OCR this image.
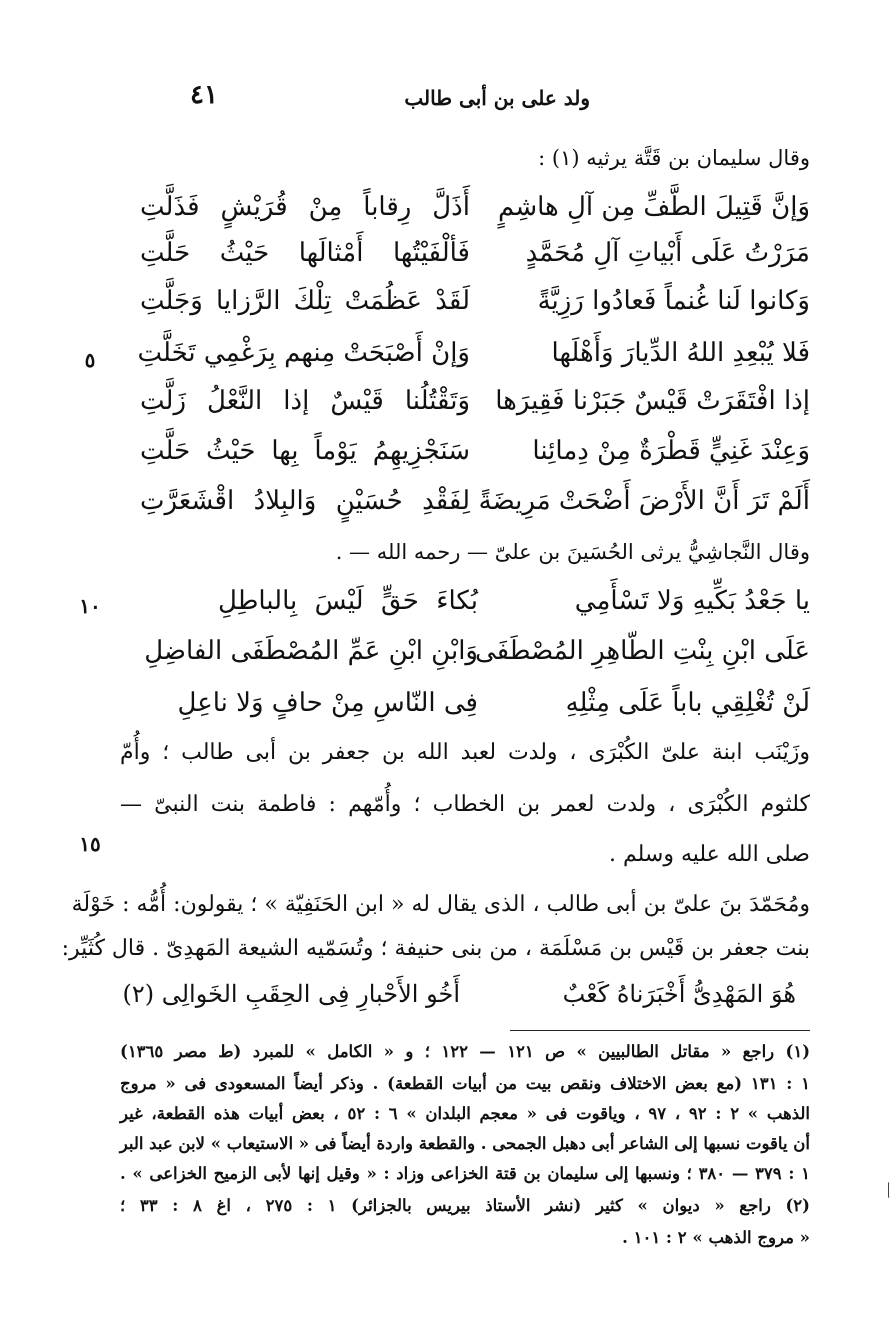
ولد على بن أبى طالب
٤١
وقال سليمان بن قَتَّة يرثيه (١) :
وَإنَّ قَتِيلَ الطَّفِّ مِن آلِ هاشِمٍ
أَذَلَّ رِقاباً مِنْ قُرَيْشٍ فَذَلَّتِ
مَرَرْتُ عَلَى أَبْياتِ آلِ مُحَمَّدٍ
فَألْفَيْتُها أَمْثالَها حَيْثُ حَلَّتِ
وَكانوا لَنا غُنماً فَعادُوا رَزِيَّةً
لَقَدْ عَظُمَتْ تِلْكَ الرَّزايا وَجَلَّتِ
فَلا يُبْعِدِ اللهُ الدِّيارَ وَأَهْلَها
وَإنْ أَصْبَحَتْ مِنهم بِرَغْمِي تَخَلَّتِ
٥
إذا افْتَقَرَتْ قَيْسٌ جَبَرْنا فَقِيرَها
وَتَقْتُلُنا قَيْسٌ إذا النَّعْلُ زَلَّتِ
وَعِنْدَ غَنِيٍّ قَطْرَةٌ مِنْ دِمائِنا
سَنَجْزِيهِمُ يَوْماً بِها حَيْثُ حَلَّتِ
أَلَمْ تَرَ أَنَّ الأَرْضَ أَضْحَتْ مَرِيضَةً
لِفَقْدِ حُسَيْنٍ وَالبِلادُ اقْشَعَرَّتِ
وقال النَّجاشِيُّ يرثى الحُسَينَ بن علىّ — رحمه الله — .
يا جَعْدُ بَكِّيهِ وَلا تَسْأَمِي
بُكاءَ حَقٍّ لَيْسَ بِالباطِلِ
١٠
عَلَى ابْنِ بِنْتِ الطّاهِرِ المُصْطَفَى
وَابْنِ ابْنِ عَمِّ المُصْطَفَى الفاضِلِ
لَنْ تُغْلِقِي باباً عَلَى مِثْلِهِ
فِى النّاسِ مِنْ حافٍ وَلا ناعِلِ
وزَيْنَب ابنة علىّ الكُبْرَى ، ولدت لعبد الله بن جعفر بن أبى طالب ؛ وأُمّ
كلثوم الكُبْرَى ، ولدت لعمر بن الخطاب ؛ وأُمّهم : فاطمة بنت النبىّ —
١٥	صلى الله عليه وسلم .
ومُحَمّدَ بنَ علىّ بن أبى طالب ، الذى يقال له « ابن الحَنَفِيّة » ؛ يقولون: أُمُّه : خَوْلَة
بنت جعفر بن قَيْس بن مَسْلَمَة ، من بنى حنيفة ؛ وتُسَمّيه الشيعة المَهدِىّ . قال كُثَيِّر:
هُوَ المَهْدِىُّ أَخْبَرَناهُ كَعْبٌ
أَخُو الأَحْبارِ فِى الحِقَبِ الخَوالِى (٢)
(١) راجع « مقاتل الطالبيين » ص ١٢١ — ١٢٢ ؛ و « الكامل » للمبرد (ط مصر ١٣٦٥)
١ : ١٣١ (مع بعض الاختلاف ونقص بيت من أبيات القطعة) . وذكر أيضاً المسعودى فى « مروج
الذهب » ٢ : ٩٢ ، ٩٧ ، وياقوت فى « معجم البلدان » ٦ : ٥٢ ، بعض أبيات هذه القطعة، غير
أن ياقوت نسبها إلى الشاعر أبى دهبل الجمحى . والقطعة واردة أيضاً فى « الاستيعاب » لابن عبد البر
١ : ٣٧٩ — ٣٨٠ ؛ ونسبها إلى سليمان بن قتة الخزاعى وزاد : « وقيل إنها لأبى الزميح الخزاعى » .
(٢) راجع « ديوان » كثير (نشر الأستاذ بيريس بالجزائر) ١ : ٢٧٥ ، اغ ٨ : ٣٣ ؛
« مروج الذهب » ٢ : ١٠١ .
